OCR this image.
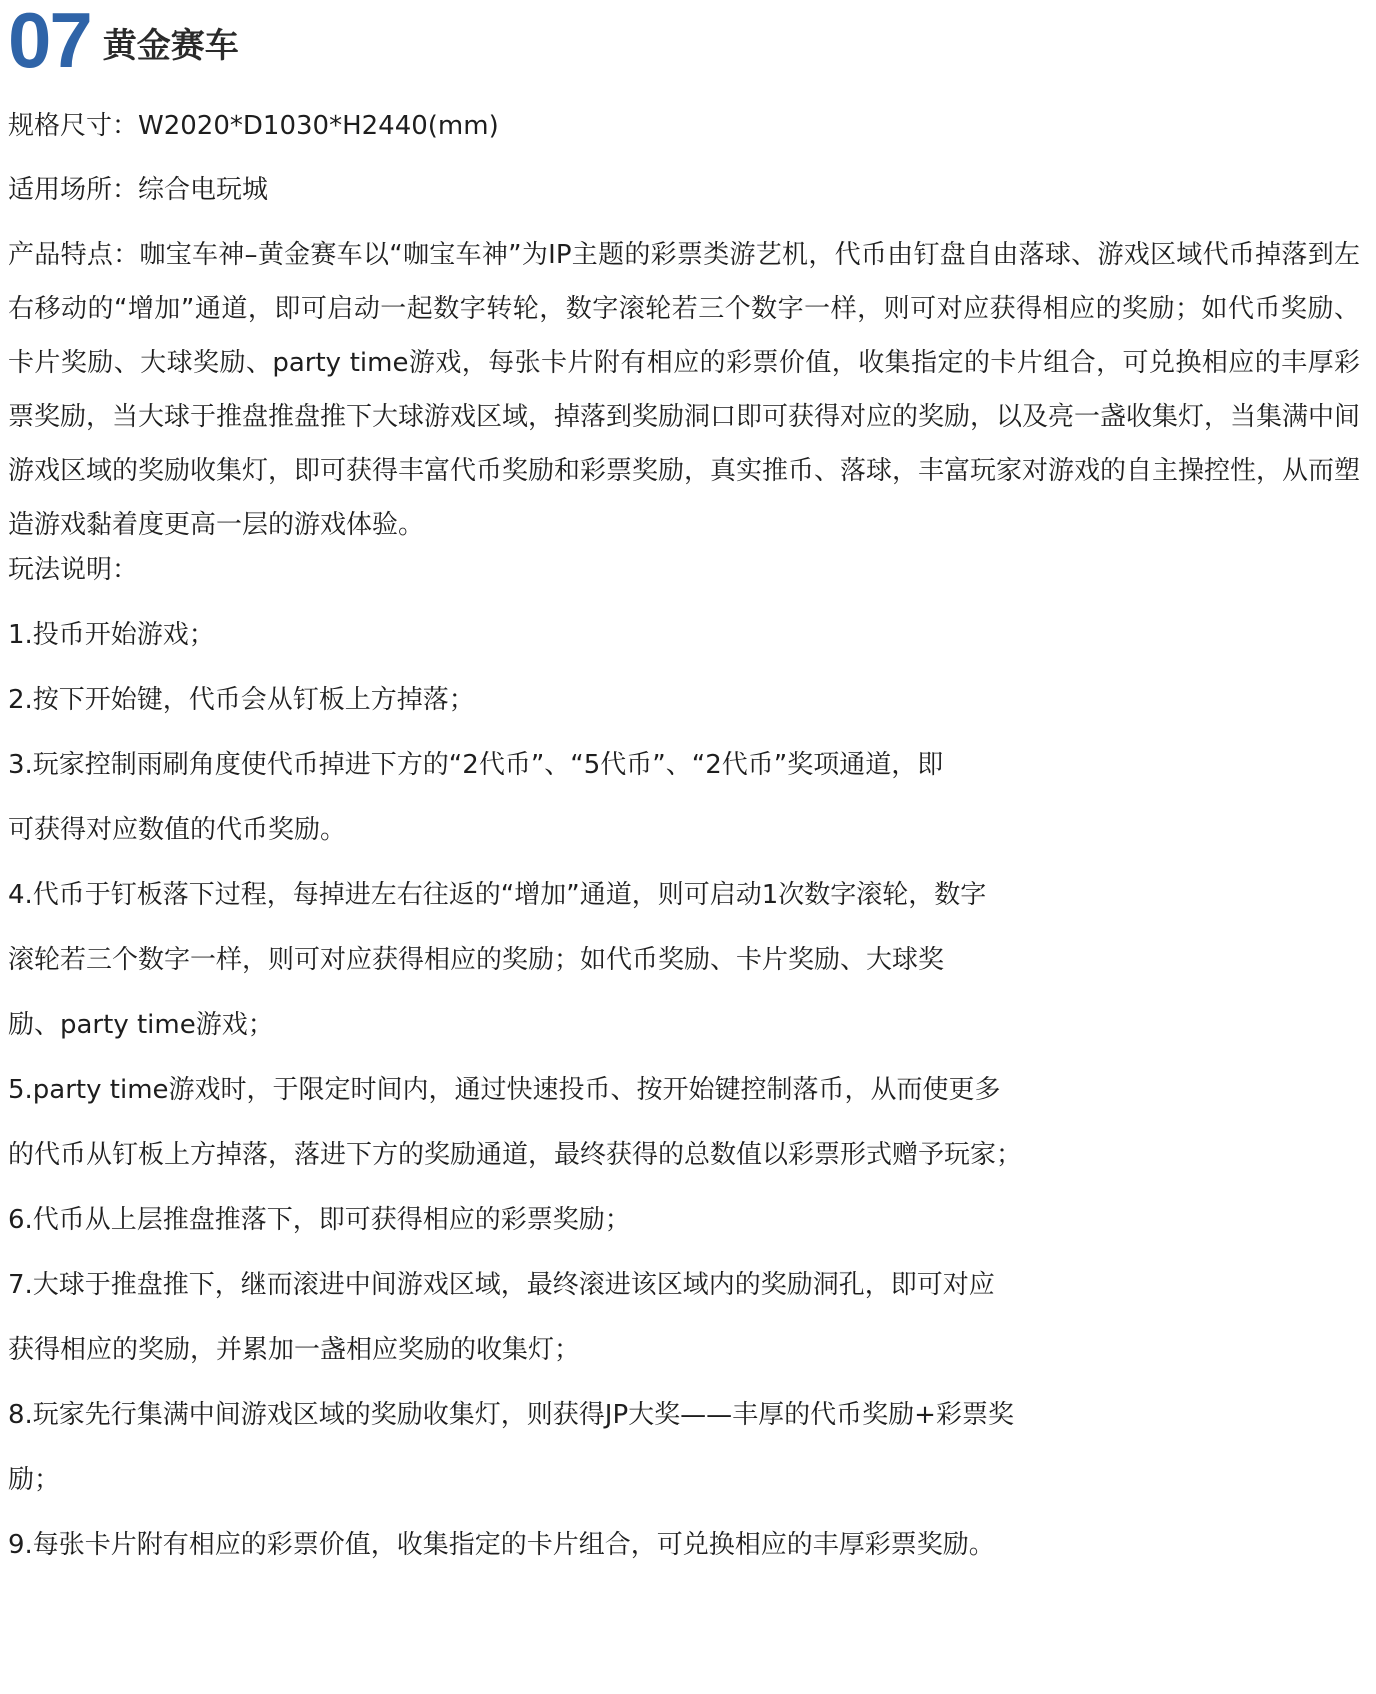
07 黄金赛车
规格尺寸：W2020*D1030*H2440(mm)
适用场所：综合电玩城
产品特点：咖宝车神–黄金赛车以“咖宝车神”为IP主题的彩票类游艺机，代币由钉盘自由落球、游戏区域代币掉落到左右移动的“增加”通道，即可启动一起数字转轮，数字滚轮若三个数字一样，则可对应获得相应的奖励；如代币奖励、卡片奖励、大球奖励、party time游戏，每张卡片附有相应的彩票价值，收集指定的卡片组合，可兑换相应的丰厚彩票奖励，当大球于推盘推盘推下大球游戏区域，掉落到奖励洞口即可获得对应的奖励，以及亮一盏收集灯，当集满中间游戏区域的奖励收集灯，即可获得丰富代币奖励和彩票奖励，真实推币、落球，丰富玩家对游戏的自主操控性，从而塑造游戏黏着度更高一层的游戏体验。
玩法说明：
1.投币开始游戏；
2.按下开始键，代币会从钉板上方掉落；
3.玩家控制雨刷角度使代币掉进下方的“2代币”、“5代币”、“2代币”奖项通道，即
可获得对应数值的代币奖励。
4.代币于钉板落下过程，每掉进左右往返的“增加”通道，则可启动1次数字滚轮，数字
滚轮若三个数字一样，则可对应获得相应的奖励；如代币奖励、卡片奖励、大球奖
励、party time游戏；
5.party time游戏时，于限定时间内，通过快速投币、按开始键控制落币，从而使更多
的代币从钉板上方掉落，落进下方的奖励通道，最终获得的总数值以彩票形式赠予玩家；
6.代币从上层推盘推落下，即可获得相应的彩票奖励；
7.大球于推盘推下，继而滚进中间游戏区域，最终滚进该区域内的奖励洞孔，即可对应
获得相应的奖励，并累加一盏相应奖励的收集灯；
8.玩家先行集满中间游戏区域的奖励收集灯，则获得JP大奖——丰厚的代币奖励+彩票奖
励；
9.每张卡片附有相应的彩票价值，收集指定的卡片组合，可兑换相应的丰厚彩票奖励。
